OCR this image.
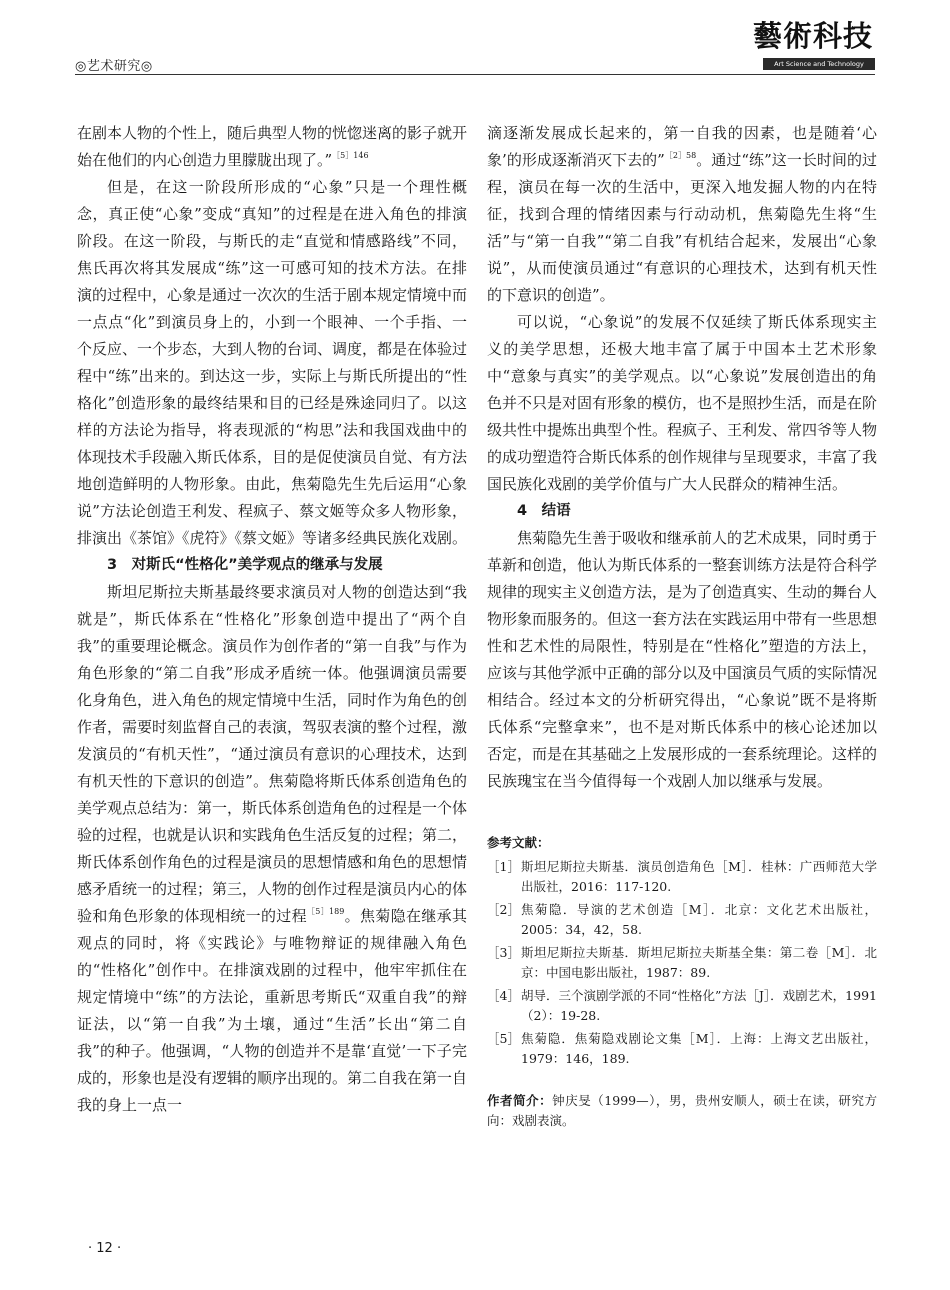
◎艺术研究◎
藝術科技
Art Science and Technology

在剧本人物的个性上，随后典型人物的恍惚迷离的影子就开始在他们的内心创造力里朦胧出现了。”$^{[5]146}$

但是，在这一阶段所形成的“心象”只是一个理性概念，真正使“心象”变成“真知”的过程是在进入角色的排演阶段。在这一阶段，与斯氏的走“直觉和情感路线”不同，焦氏再次将其发展成“练”这一可感可知的技术方法。在排演的过程中，心象是通过一次次的生活于剧本规定情境中而一点点“化”到演员身上的，小到一个眼神、一个手指、一个反应、一个步态，大到人物的台词、调度，都是在体验过程中“练”出来的。到达这一步，实际上与斯氏所提出的“性格化”创造形象的最终结果和目的已经是殊途同归了。以这样的方法论为指导，将表现派的“构思”法和我国戏曲中的体现技术手段融入斯氏体系，目的是促使演员自觉、有方法地创造鲜明的人物形象。由此，焦菊隐先生先后运用“心象说”方法论创造王利发、程疯子、蔡文姬等众多人物形象，排演出《茶馆》《虎符》《蔡文姬》等诸多经典民族化戏剧。

3　对斯氏“性格化”美学观点的继承与发展

斯坦尼斯拉夫斯基最终要求演员对人物的创造达到“我就是”，斯氏体系在“性格化”形象创造中提出了“两个自我”的重要理论概念。演员作为创作者的“第一自我”与作为角色形象的“第二自我”形成矛盾统一体。他强调演员需要化身角色，进入角色的规定情境中生活，同时作为角色的创作者，需要时刻监督自己的表演，驾驭表演的整个过程，激发演员的“有机天性”，“通过演员有意识的心理技术，达到有机天性的下意识的创造”。焦菊隐将斯氏体系创造角色的美学观点总结为：第一，斯氏体系创造角色的过程是一个体验的过程，也就是认识和实践角色生活反复的过程；第二，斯氏体系创作角色的过程是演员的思想情感和角色的思想情感矛盾统一的过程；第三，人物的创作过程是演员内心的体验和角色形象的体现相统一的过程$^{[5]189}$。焦菊隐在继承其观点的同时，将《实践论》与唯物辩证的规律融入角色的“性格化”创作中。在排演戏剧的过程中，他牢牢抓住在规定情境中“练”的方法论，重新思考斯氏“双重自我”的辩证法，以“第一自我”为土壤，通过“生活”长出“第二自我”的种子。他强调，“人物的创造并不是靠‘直觉’一下子完成的，形象也是没有逻辑的顺序出现的。第二自我在第一自我的身上一点一

滴逐渐发展成长起来的，第一自我的因素，也是随着‘心象’的形成逐渐消灭下去的”$^{[2]58}$。通过“练”这一长时间的过程，演员在每一次的生活中，更深入地发掘人物的内在特征，找到合理的情绪因素与行动动机，焦菊隐先生将“生活”与“第一自我”“第二自我”有机结合起来，发展出“心象说”，从而使演员通过“有意识的心理技术，达到有机天性的下意识的创造”。

可以说，“心象说”的发展不仅延续了斯氏体系现实主义的美学思想，还极大地丰富了属于中国本土艺术形象中“意象与真实”的美学观点。以“心象说”发展创造出的角色并不只是对固有形象的模仿，也不是照抄生活，而是在阶级共性中提炼出典型个性。程疯子、王利发、常四爷等人物的成功塑造符合斯氏体系的创作规律与呈现要求，丰富了我国民族化戏剧的美学价值与广大人民群众的精神生活。

4　结语

焦菊隐先生善于吸收和继承前人的艺术成果，同时勇于革新和创造，他认为斯氏体系的一整套训练方法是符合科学规律的现实主义创造方法，是为了创造真实、生动的舞台人物形象而服务的。但这一套方法在实践运用中带有一些思想性和艺术性的局限性，特别是在“性格化”塑造的方法上，应该与其他学派中正确的部分以及中国演员气质的实际情况相结合。经过本文的分析研究得出，“心象说”既不是将斯氏体系“完整拿来”，也不是对斯氏体系中的核心论述加以否定，而是在其基础之上发展形成的一套系统理论。这样的民族瑰宝在当今值得每一个戏剧人加以继承与发展。

参考文献：
［1］ 斯坦尼斯拉夫斯基．演员创造角色［M］．桂林：广西师范大学出版社，2016：117-120.
［2］ 焦菊隐．导演的艺术创造［M］．北京：文化艺术出版社，2005：34，42，58.
［3］ 斯坦尼斯拉夫斯基．斯坦尼斯拉夫斯基全集：第二卷［M］．北京：中国电影出版社，1987：89.
［4］ 胡导．三个演剧学派的不同“性格化”方法［J］．戏剧艺术，1991（2）：19-28.
［5］ 焦菊隐．焦菊隐戏剧论文集［M］．上海：上海文艺出版社，1979：146，189.
作者简介：钟庆旻（1999—），男，贵州安顺人，硕士在读，研究方向：戏剧表演。
· 12 ·
